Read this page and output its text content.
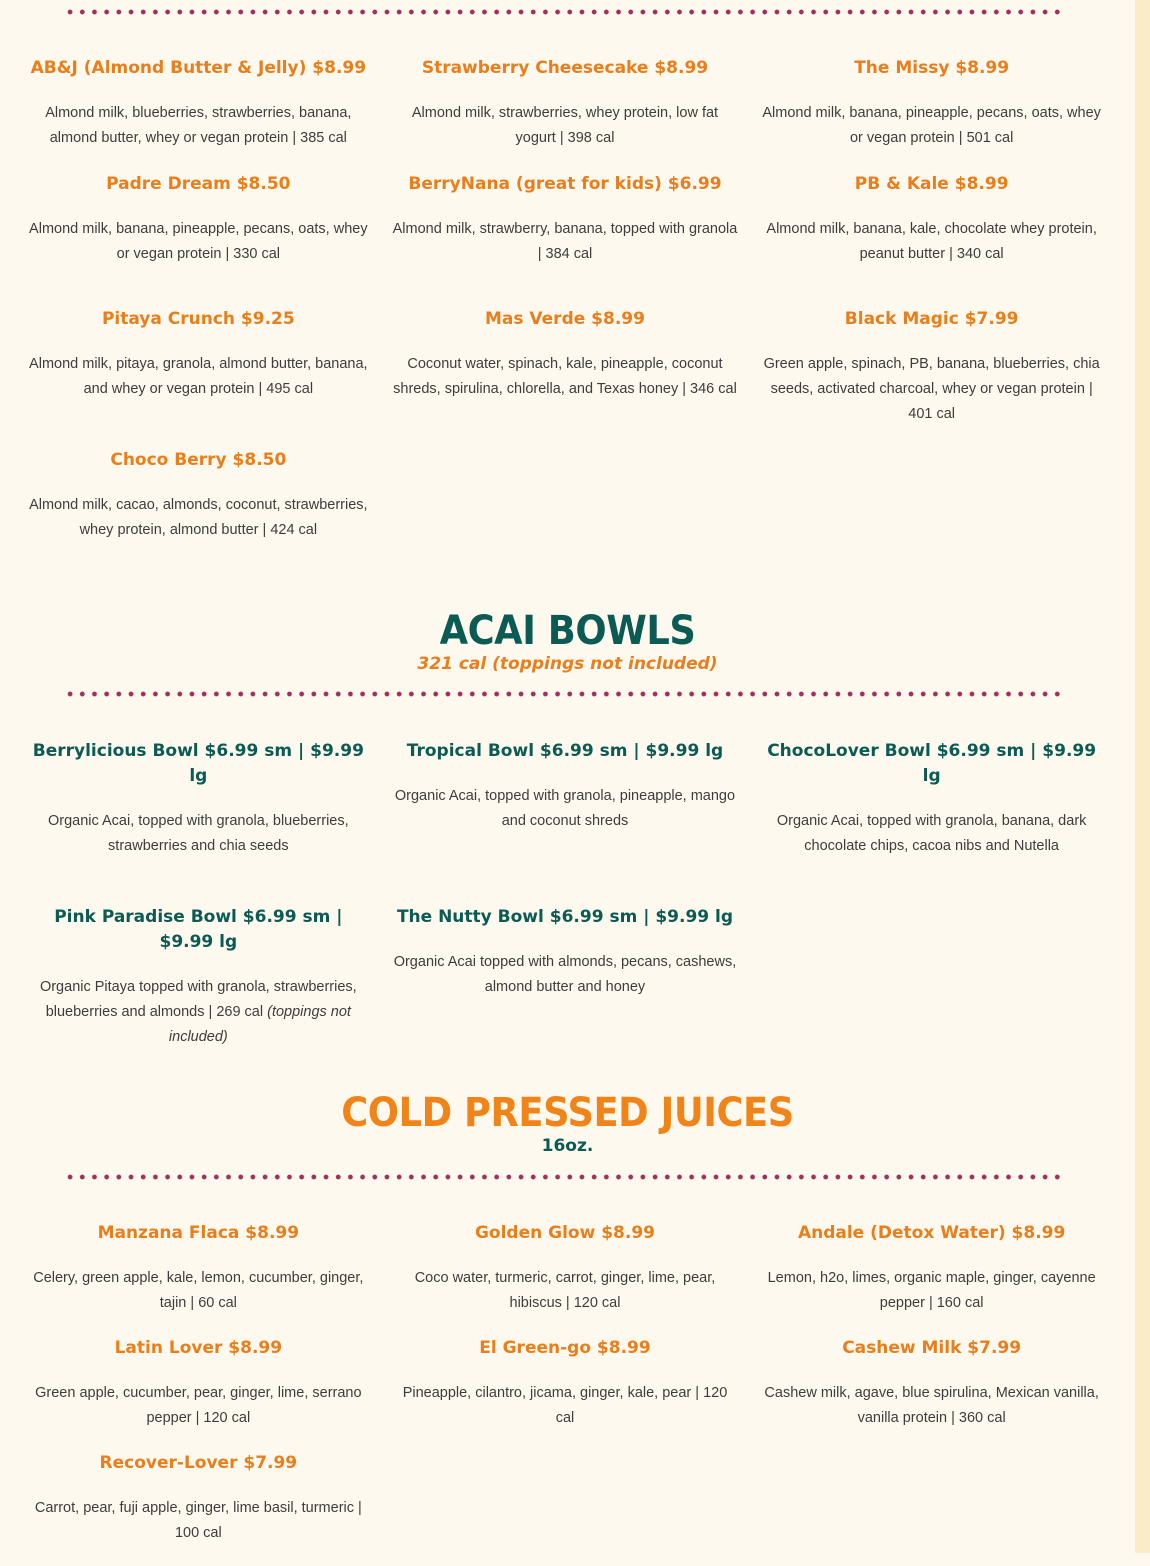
AB&J (Almond Butter & Jelly) $8.99

Almond milk, blueberries, strawberries, banana, almond butter, whey or vegan protein | 385 cal

Strawberry Cheesecake $8.99

Almond milk, strawberries, whey protein, low fat yogurt | 398 cal

The Missy $8.99

Almond milk, banana, pineapple, pecans, oats, whey or vegan protein | 501 cal

Padre Dream $8.50

Almond milk, banana, pineapple, pecans, oats, whey or vegan protein | 330 cal

BerryNana (great for kids) $6.99

Almond milk, strawberry, banana, topped with granola | 384 cal

PB & Kale $8.99

Almond milk, banana, kale, chocolate whey protein, peanut butter | 340 cal

Pitaya Crunch $9.25

Almond milk, pitaya, granola, almond butter, banana, and whey or vegan protein | 495 cal

Mas Verde $8.99

Coconut water, spinach, kale, pineapple, coconut shreds, spirulina, chlorella, and Texas honey | 346 cal

Black Magic $7.99

Green apple, spinach, PB, banana, blueberries, chia seeds, activated charcoal, whey or vegan protein | 401 cal

Choco Berry $8.50

Almond milk, cacao, almonds, coconut, strawberries, whey protein, almond butter | 424 cal

ACAI BOWLS
321 cal (toppings not included)
Berrylicious Bowl $6.99 sm | $9.99 lg

Organic Acai, topped with granola, blueberries, strawberries and chia seeds

Tropical Bowl $6.99 sm | $9.99 lg

Organic Acai, topped with granola, pineapple, mango and coconut shreds

ChocoLover Bowl $6.99 sm | $9.99 lg

Organic Acai, topped with granola, banana, dark chocolate chips, cacoa nibs and Nutella

Pink Paradise Bowl $6.99 sm | $9.99 lg

Organic Pitaya topped with granola, strawberries, blueberries and almonds | 269 cal (toppings not included)

The Nutty Bowl $6.99 sm | $9.99 lg

Organic Acai topped with almonds, pecans, cashews, almond butter and honey

COLD PRESSED JUICES
16oz.
Manzana Flaca $8.99

Celery, green apple, kale, lemon, cucumber, ginger, tajin | 60 cal

Golden Glow $8.99

Coco water, turmeric, carrot, ginger, lime, pear, hibiscus | 120 cal

Andale (Detox Water) $8.99

Lemon, h2o, limes, organic maple, ginger, cayenne pepper | 160 cal

Latin Lover $8.99

Green apple, cucumber, pear, ginger, lime, serrano pepper | 120 cal

El Green-go $8.99

Pineapple, cilantro, jicama, ginger, kale, pear | 120 cal

Cashew Milk $7.99

Cashew milk, agave, blue spirulina, Mexican vanilla, vanilla protein | 360 cal

Recover-Lover $7.99

Carrot, pear, fuji apple, ginger, lime basil, turmeric | 100 cal
